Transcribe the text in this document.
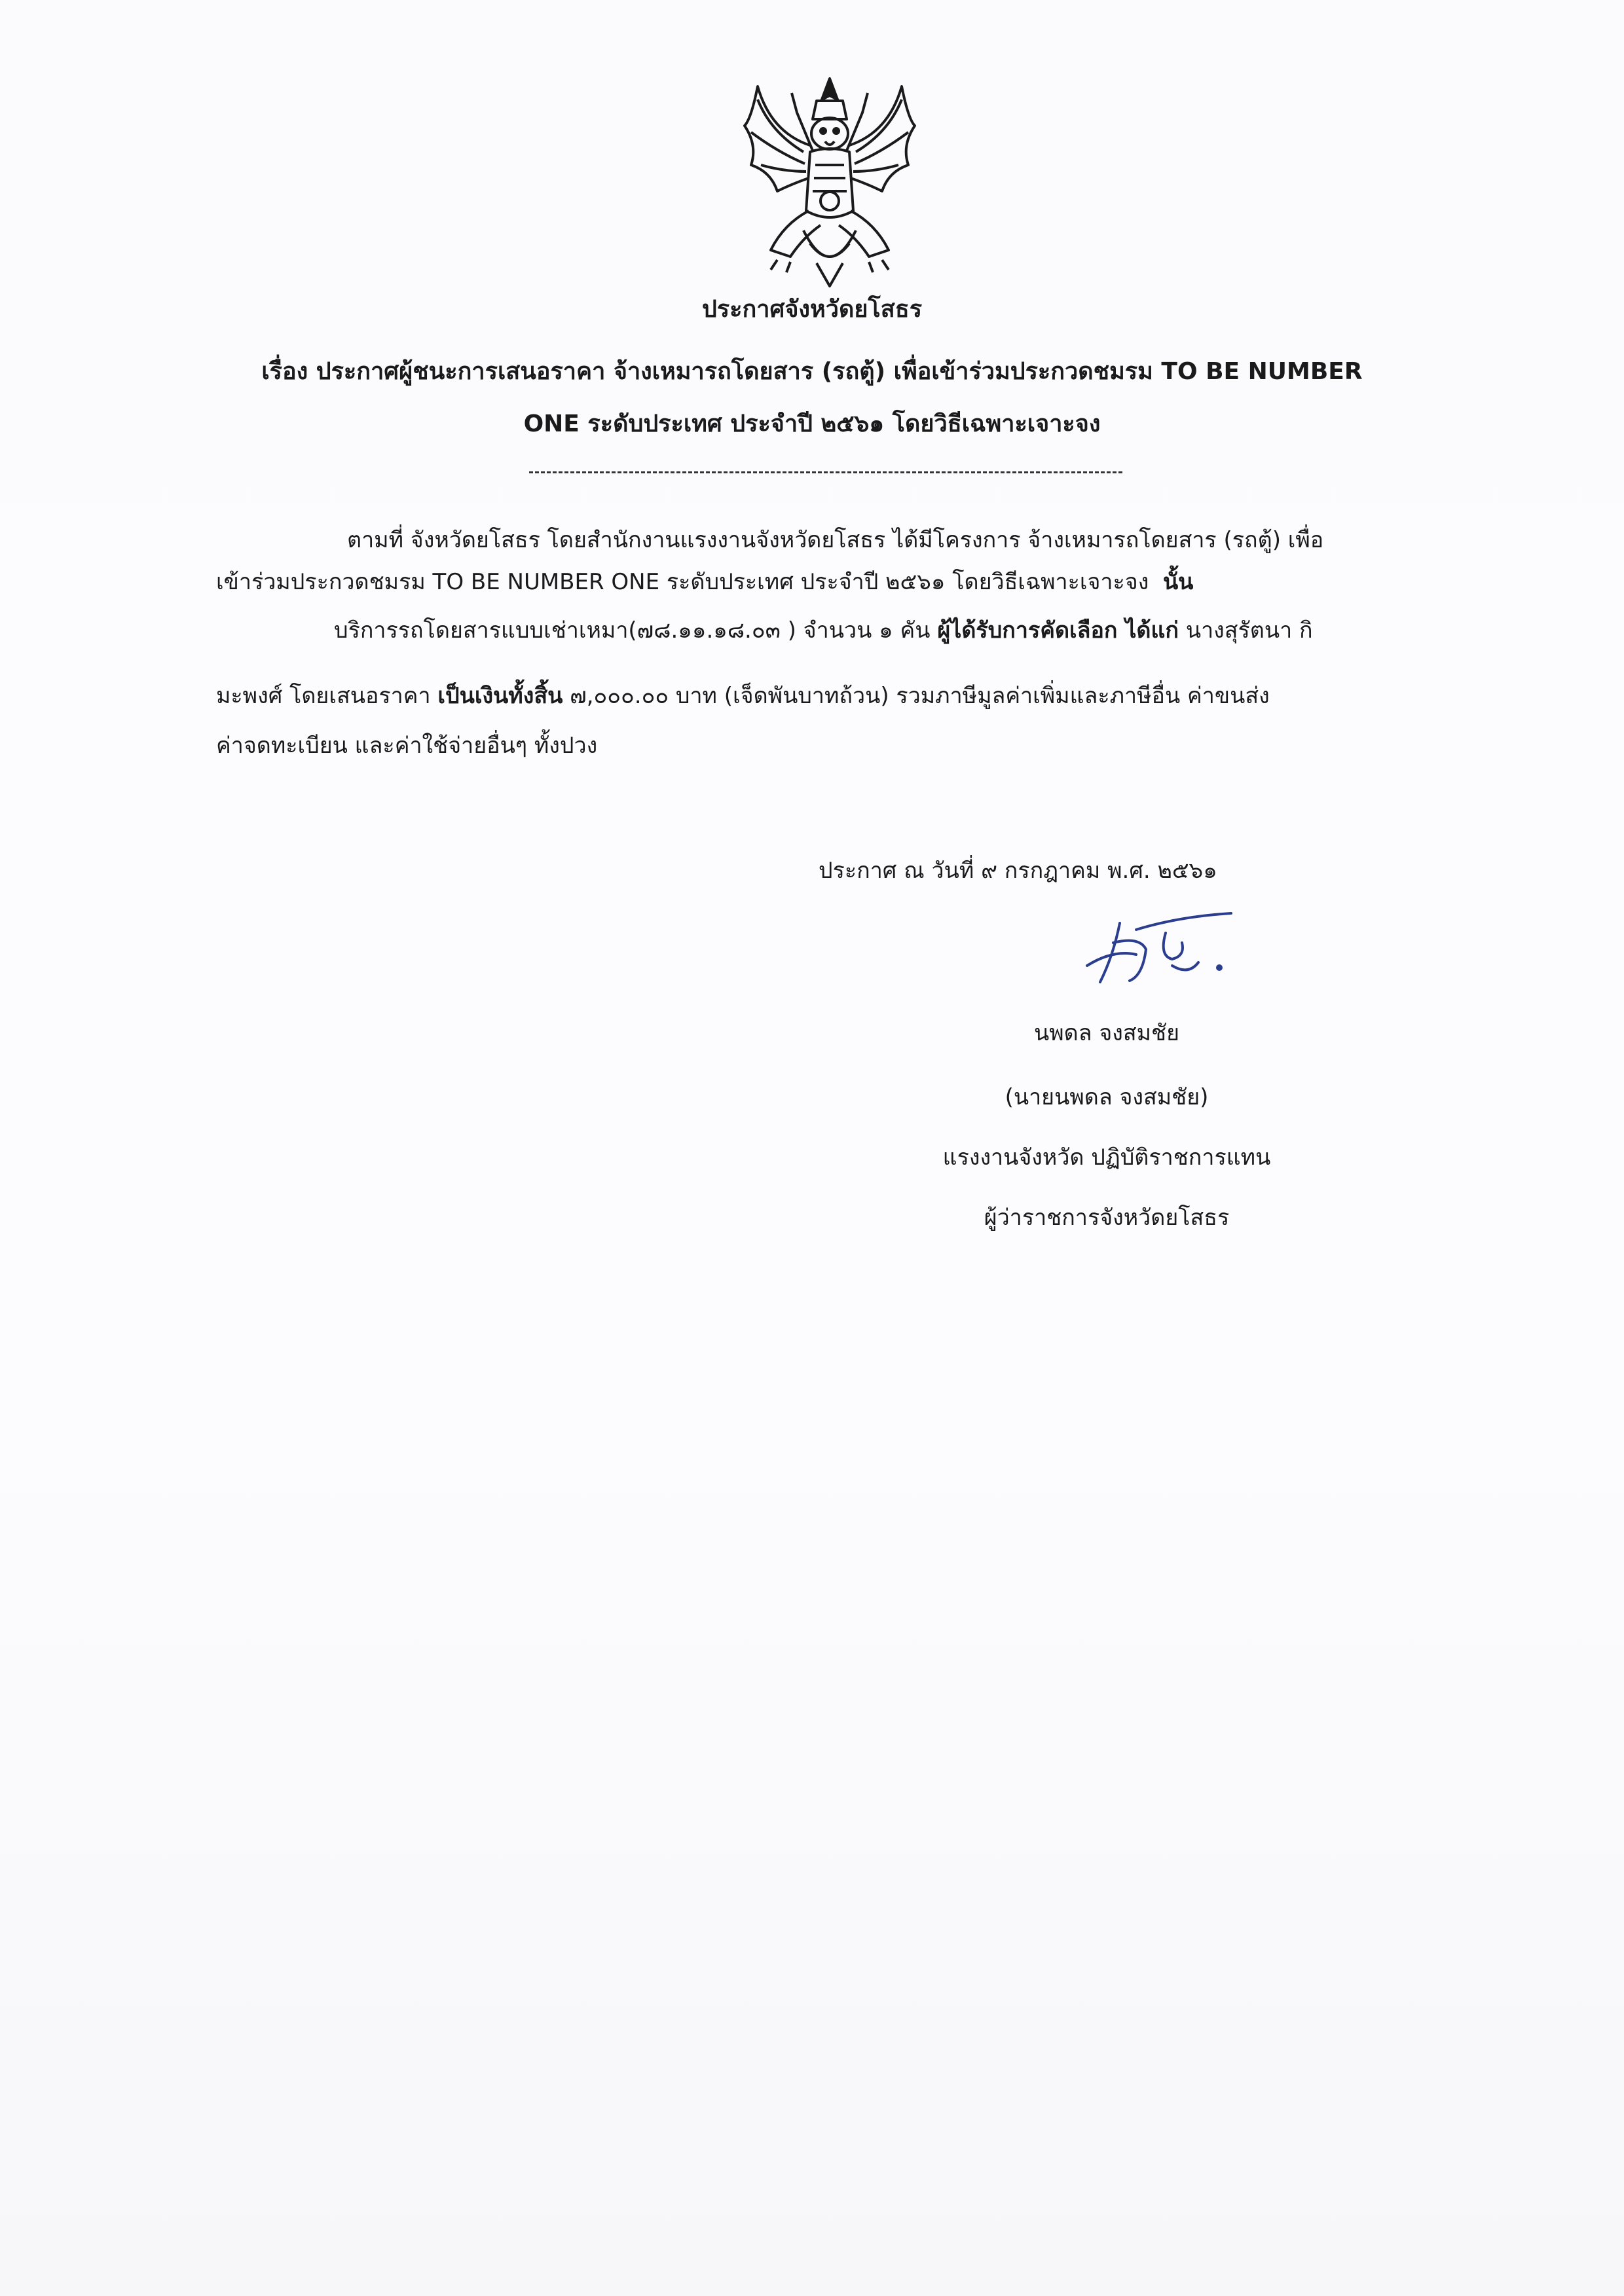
ประกาศจังหวัดยโสธร
เรื่อง ประกาศผู้ชนะการเสนอราคา จ้างเหมารถโดยสาร (รถตู้) เพื่อเข้าร่วมประกวดชมรม TO BE NUMBER
ONE ระดับประเทศ ประจำปี ๒๕๖๑ โดยวิธีเฉพาะเจาะจง
ตามที่ จังหวัดยโสธร โดยสำนักงานแรงงานจังหวัดยโสธร ได้มีโครงการ จ้างเหมารถโดยสาร (รถตู้) เพื่อ
เข้าร่วมประกวดชมรม TO BE NUMBER ONE ระดับประเทศ ประจำปี ๒๕๖๑ โดยวิธีเฉพาะเจาะจง นั้น
บริการรถโดยสารแบบเช่าเหมา(๗๘.๑๑.๑๘.๐๓ ) จำนวน ๑ คัน ผู้ได้รับการคัดเลือก ได้แก่ นางสุรัตนา กิ
มะพงศ์ โดยเสนอราคา เป็นเงินทั้งสิ้น ๗,๐๐๐.๐๐ บาท (เจ็ดพันบาทถ้วน) รวมภาษีมูลค่าเพิ่มและภาษีอื่น ค่าขนส่ง
ค่าจดทะเบียน และค่าใช้จ่ายอื่นๆ ทั้งปวง
ประกาศ ณ วันที่ ๙ กรกฎาคม พ.ศ. ๒๕๖๑
นพดล จงสมชัย
(นายนพดล จงสมชัย)
แรงงานจังหวัด ปฏิบัติราชการแทน
ผู้ว่าราชการจังหวัดยโสธร
